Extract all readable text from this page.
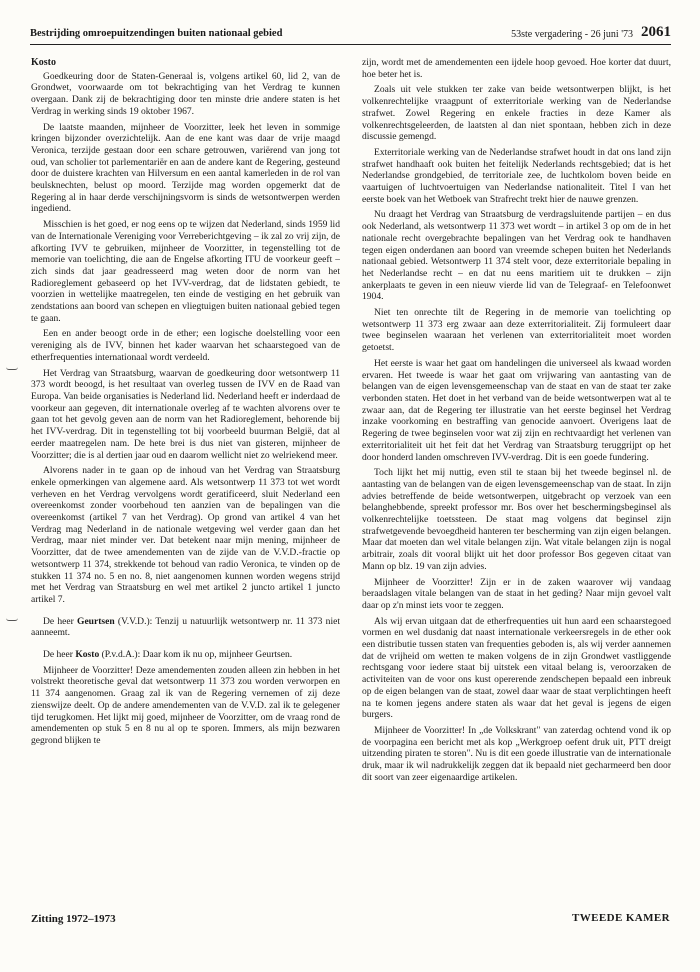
Bestrijding omroepuitzendingen buiten nationaal gebied	53ste vergadering - 26 juni '73 2061
Kosto

Goedkeuring door de Staten-Generaal is, volgens artikel 60, lid 2, van de Grondwet, voorwaarde om tot bekrachtiging van het Verdrag te kunnen overgaan. Dank zij de bekrachtiging door ten minste drie andere staten is het Verdrag in werking sinds 19 oktober 1967.

De laatste maanden, mijnheer de Voorzitter, leek het leven in sommige kringen bijzonder overzichtelijk. Aan de ene kant was daar de vrije maagd Veronica, terzijde gestaan door een schare getrouwen, variërend van jong tot oud, van scholier tot parlementariër en aan de andere kant de Regering, gesteund door de duistere krachten van Hilversum en een aantal kamerleden in de rol van beulsknechten, belust op moord. Terzijde mag worden opgemerkt dat de Regering al in haar derde verschijningsvorm is sinds de wetsontwerpen werden ingediend.

Misschien is het goed, er nog eens op te wijzen dat Nederland, sinds 1959 lid van de Internationale Vereniging voor Verreberichtgeving – ik zal zo vrij zijn, de afkorting IVV te gebruiken, mijnheer de Voorzitter, in tegenstelling tot de memorie van toelichting, die aan de Engelse afkorting ITU de voorkeur geeft – zich sinds dat jaar geadresseerd mag weten door de norm van het Radioreglement gebaseerd op het IVV-verdrag, dat de lidstaten gebiedt, te voorzien in wettelijke maatregelen, ten einde de vestiging en het gebruik van zendstations aan boord van schepen en vliegtuigen buiten nationaal gebied tegen te gaan.

Een en ander beoogt orde in de ether; een logische doelstelling voor een vereniging als de IVV, binnen het kader waarvan het schaarstegoed van de etherfrequenties internationaal wordt verdeeld.

Het Verdrag van Straatsburg, waarvan de goedkeuring door wetsontwerp 11 373 wordt beoogd, is het resultaat van overleg tussen de IVV en de Raad van Europa. Van beide organisaties is Nederland lid. Nederland heeft er inderdaad de voorkeur aan gegeven, dit internationale overleg af te wachten alvorens over te gaan tot het gevolg geven aan de norm van het Radioreglement, behorende bij het IVV-verdrag. Dit in tegenstelling tot bij voorbeeld buurman België, dat al eerder maatregelen nam. De hete brei is dus niet van gisteren, mijnheer de Voorzitter; die is al dertien jaar oud en daarom wellicht niet zo welriekend meer.

Alvorens nader in te gaan op de inhoud van het Verdrag van Straatsburg enkele opmerkingen van algemene aard. Als wetsontwerp 11 373 tot wet wordt verheven en het Verdrag vervolgens wordt geratificeerd, sluit Nederland een overeenkomst zonder voorbehoud ten aanzien van de bepalingen van die overeenkomst (artikel 7 van het Verdrag). Op grond van artikel 4 van het Verdrag mag Nederland in de nationale wetgeving wel verder gaan dan het Verdrag, maar niet minder ver. Dat betekent naar mijn mening, mijnheer de Voorzitter, dat de twee amendementen van de zijde van de V.V.D.-fractie op wetsontwerp 11 374, strekkende tot behoud van radio Veronica, te vinden op de stukken 11 374 no. 5 en no. 8, niet aangenomen kunnen worden wegens strijd met het Verdrag van Straatsburg en wel met artikel 2 juncto artikel 1 juncto artikel 7.

De heer Geurtsen (V.V.D.): Tenzij u natuurlijk wetsontwerp nr. 11 373 niet aanneemt.

De heer Kosto (P.v.d.A.): Daar kom ik nu op, mijnheer Geurtsen.

Mijnheer de Voorzitter! Deze amendementen zouden alleen zin hebben in het volstrekt theoretische geval dat wetsontwerp 11 373 zou worden verworpen en 11 374 aangenomen. Graag zal ik van de Regering vernemen of zij deze zienswijze deelt. Op de andere amendementen van de V.V.D. zal ik te gelegener tijd terugkomen. Het lijkt mij goed, mijnheer de Voorzitter, om de vraag rond de amendementen op stuk 5 en 8 nu al op te sporen. Immers, als mijn bezwaren gegrond blijken te

zijn, wordt met de amendementen een ijdele hoop gevoed. Hoe korter dat duurt, hoe beter het is.

Zoals uit vele stukken ter zake van beide wetsontwerpen blijkt, is het volkenrechtelijke vraagpunt of exterritoriale werking van de Nederlandse strafwet. Zowel Regering en enkele fracties in deze Kamer als volkenrechtsgeleerden, de laatsten al dan niet spontaan, hebben zich in deze discussie gemengd.

Exterritoriale werking van de Nederlandse strafwet houdt in dat ons land zijn strafwet handhaaft ook buiten het feitelijk Nederlands rechtsgebied; dat is het Nederlandse grondgebied, de territoriale zee, de luchtkolom boven beide en vaartuigen of luchtvoertuigen van Nederlandse nationaliteit. Titel I van het eerste boek van het Wetboek van Strafrecht trekt hier de nauwe grenzen.

Nu draagt het Verdrag van Straatsburg de verdragsluitende partijen – en dus ook Nederland, als wetsontwerp 11 373 wet wordt – in artikel 3 op om de in het nationale recht overgebrachte bepalingen van het Verdrag ook te handhaven tegen eigen onderdanen aan boord van vreemde schepen buiten het Nederlands nationaal gebied. Wetsontwerp 11 374 stelt voor, deze exterritoriale bepaling in het Nederlandse recht – en dat nu eens maritiem uit te drukken – zijn ankerplaats te geven in een nieuw vierde lid van de Telegraaf- en Telefoonwet 1904.

Niet ten onrechte tilt de Regering in de memorie van toelichting op wetsontwerp 11 373 erg zwaar aan deze exterritorialiteit. Zij formuleert daar twee beginselen waaraan het verlenen van exterritorialiteit moet worden getoetst.

Het eerste is waar het gaat om handelingen die universeel als kwaad worden ervaren. Het tweede is waar het gaat om vrijwaring van aantasting van de belangen van de eigen levensgemeenschap van de staat en van de staat ter zake verbonden staten. Het doet in het verband van de beide wetsontwerpen wat al te zwaar aan, dat de Regering ter illustratie van het eerste beginsel het Verdrag inzake voorkoming en bestraffing van genocide aanvoert. Overigens laat de Regering de twee beginselen voor wat zij zijn en rechtvaardigt het verlenen van exterritorialiteit uit het feit dat het Verdrag van Straatsburg teruggrijpt op het door honderd landen omschreven IVV-verdrag. Dit is een goede fundering.

Toch lijkt het mij nuttig, even stil te staan bij het tweede beginsel nl. de aantasting van de belangen van de eigen levensgemeenschap van de staat. In zijn advies betreffende de beide wetsontwerpen, uitgebracht op verzoek van een belanghebbende, spreekt professor mr. Bos over het beschermingsbeginsel als volkenrechtelijke toetssteen. De staat mag volgens dat beginsel zijn strafwetgevende bevoegdheid hanteren ter bescherming van zijn eigen belangen. Maar dat moeten dan wel vitale belangen zijn. Wat vitale belangen zijn is nogal arbitrair, zoals dit vooral blijkt uit het door professor Bos gegeven citaat van Mann op blz. 19 van zijn advies.

Mijnheer de Voorzitter! Zijn er in de zaken waarover wij vandaag beraadslagen vitale belangen van de staat in het geding? Naar mijn gevoel valt daar op z'n minst iets voor te zeggen.

Als wij ervan uitgaan dat de etherfrequenties uit hun aard een schaarstegoed vormen en wel dusdanig dat naast internationale verkeersregels in de ether ook een distributie tussen staten van frequenties geboden is, als wij verder aannemen dat de vrijheid om wetten te maken volgens de in zijn Grondwet vastliggende rechtsgang voor iedere staat bij uitstek een vitaal belang is, veroorzaken de activiteiten van de voor ons kust opererende zendschepen bepaald een inbreuk op de eigen belangen van de staat, zowel daar waar de staat verplichtingen heeft na te komen jegens andere staten als waar dat het geval is jegens de eigen burgers.

Mijnheer de Voorzitter! In „de Volkskrant" van zaterdag ochtend vond ik op de voorpagina een bericht met als kop „Werkgroep oefent druk uit, PTT dreigt uitzending piraten te storen". Nu is dit een goede illustratie van de internationale druk, maar ik wil nadrukkelijk zeggen dat ik bepaald niet gecharmeerd ben door dit soort van zeer eigenaardige artikelen.

Zitting 1972–1973	TWEEDE KAMER
